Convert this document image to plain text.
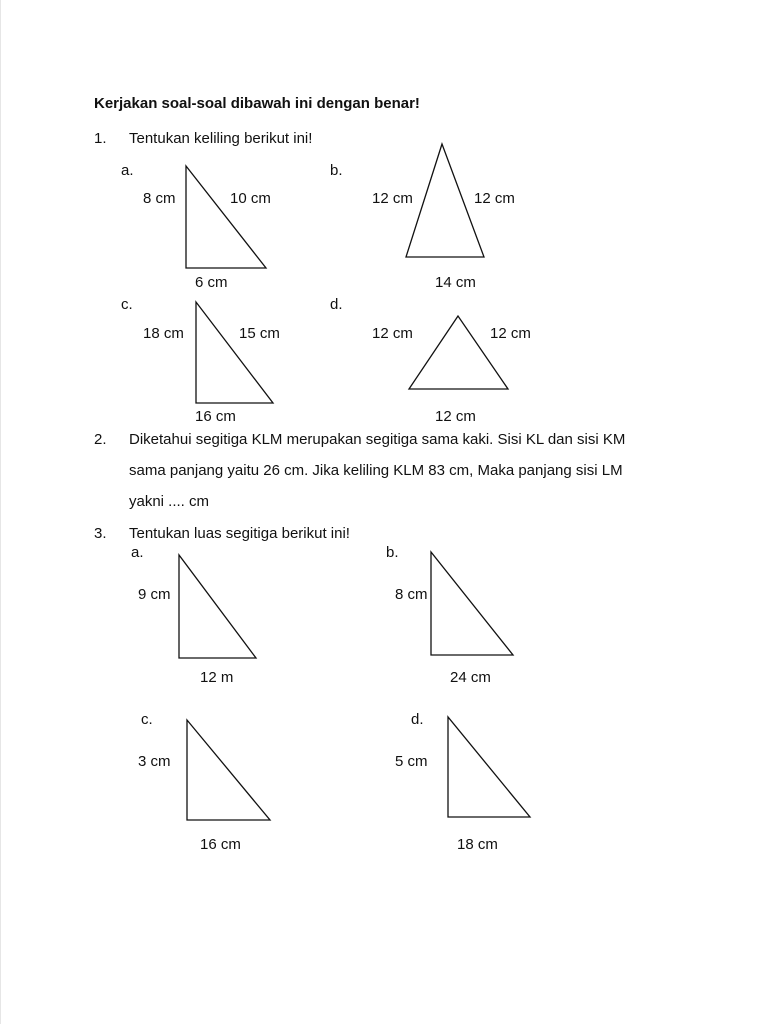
Kerjakan soal-soal dibawah ini dengan benar!
1. Tentukan keliling berikut ini!
a.
8 cm	10 cm
6 cm
b.
12 cm	12 cm
14 cm
c.
18 cm	15 cm
16 cm
d.
12 cm	12 cm
12 cm
2. Diketahui segitiga KLM merupakan segitiga sama kaki. Sisi KL dan sisi KM
sama panjang yaitu 26 cm. Jika keliling KLM 83 cm, Maka panjang sisi LM
yakni .... cm
3. Tentukan luas segitiga berikut ini!
a.
9 cm
12 m
b.
8 cm
24 cm
c.
3 cm
16 cm
d.
5 cm
18 cm
